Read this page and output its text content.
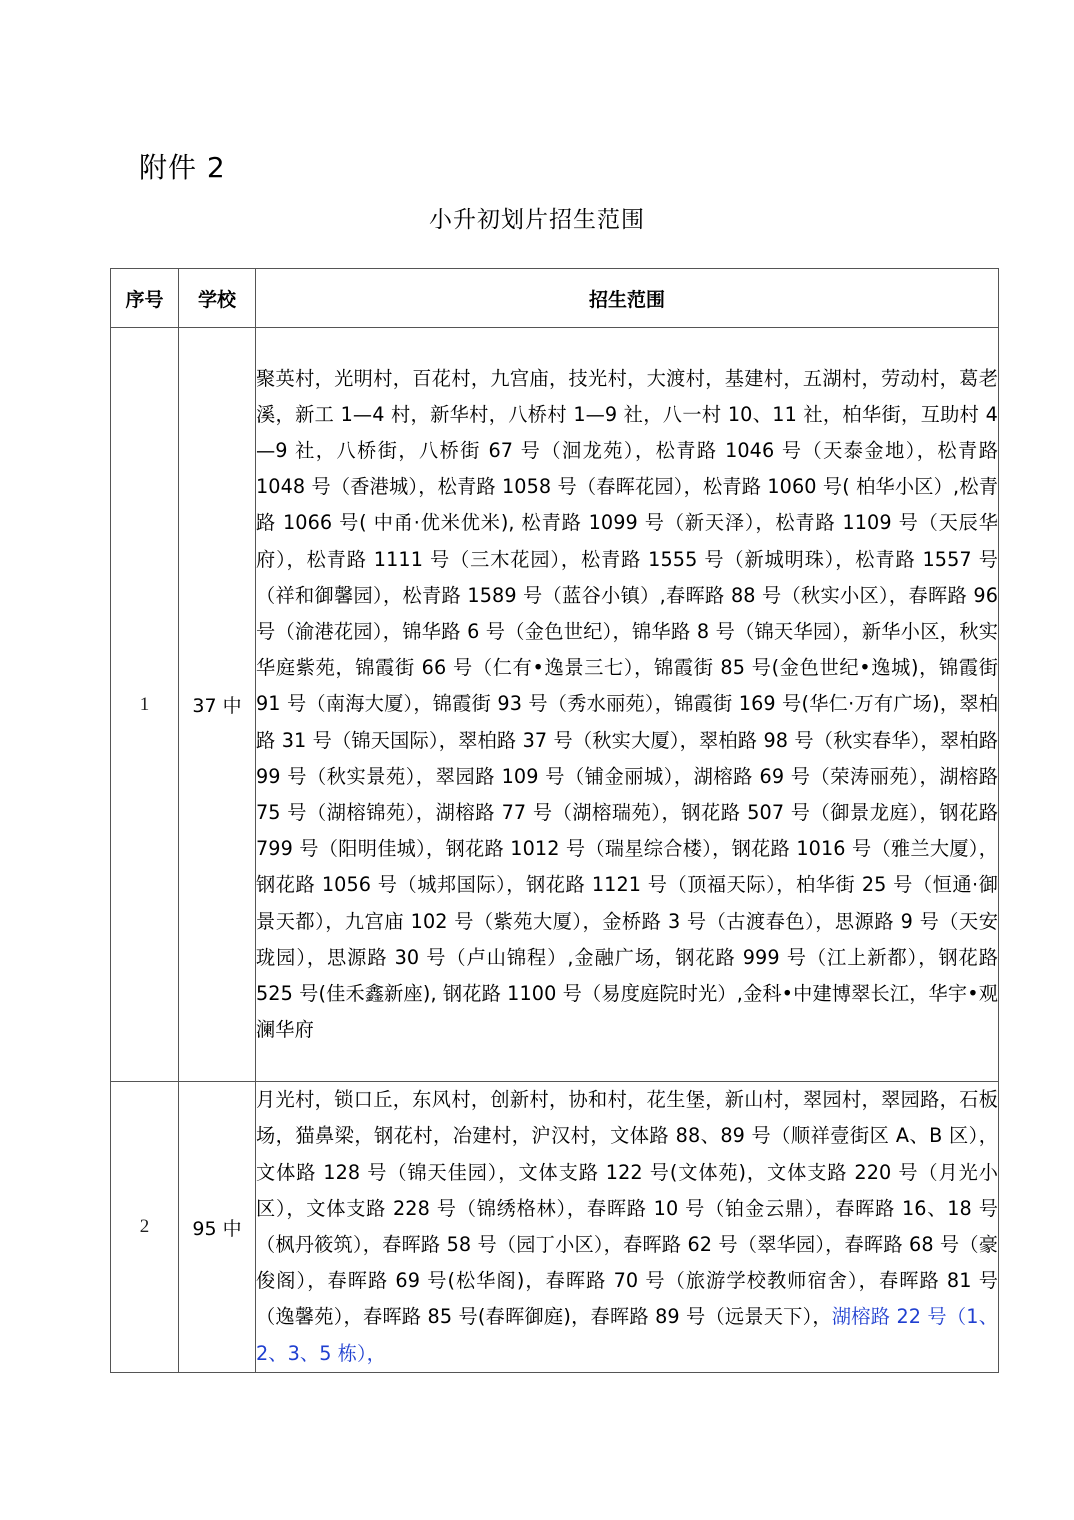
附件 2
小升初划片招生范围
序号	学校	招生范围
1	37 中	聚英村，光明村，百花村，九宫庙，技光村，大渡村，基建村，五湖村，劳动村，葛老溪，新工 1—4 村，新华村，八桥村 1—9 社，八一村 10、11 社，柏华街，互助村 4—9 社，八桥街，八桥街 67 号（洄龙苑），松青路 1046 号（天泰金地），松青路 1048 号（香港城），松青路 1058 号（春晖花园），松青路 1060 号( 柏华小区）,松青路 1066 号( 中甬·优米优米), 松青路 1099 号（新天泽），松青路 1109 号（天辰华府），松青路 1111 号（三木花园），松青路 1555 号（新城明珠），松青路 1557 号（祥和御馨园），松青路 1589 号（蓝谷小镇）,春晖路 88 号（秋实小区），春晖路 96 号（渝港花园），锦华路 6 号（金色世纪），锦华路 8 号（锦天华园），新华小区，秋实华庭紫苑，锦霞街 66 号（仁有•逸景三七），锦霞街 85 号(金色世纪•逸城)，锦霞街 91 号（南海大厦），锦霞街 93 号（秀水丽苑），锦霞街 169 号(华仁·万有广场)，翠柏路 31 号（锦天国际），翠柏路 37 号（秋实大厦），翠柏路 98 号（秋实春华），翠柏路 99 号（秋实景苑），翠园路 109 号（铺金丽城），湖榕路 69 号（荣涛丽苑），湖榕路 75 号（湖榕锦苑），湖榕路 77 号（湖榕瑞苑），钢花路 507 号（御景龙庭），钢花路 799 号（阳明佳城），钢花路 1012 号（瑞星综合楼），钢花路 1016 号（雅兰大厦），钢花路 1056 号（城邦国际），钢花路 1121 号（顶福天际），柏华街 25 号（恒通·御景天都），九宫庙 102 号（紫苑大厦），金桥路 3 号（古渡春色），思源路 9 号（天安珑园），思源路 30 号（卢山锦程）,金融广场，钢花路 999 号（江上新都），钢花路 525 号(佳禾鑫新座), 钢花路 1100 号（易度庭院时光）,金科•中建博翠长江，华宇•观澜华府

2	95 中	月光村，锁口丘，东风村，创新村，协和村，花生堡，新山村，翠园村，翠园路，石板场，猫鼻梁，钢花村，冶建村，沪汉村，文体路 88、89 号（顺祥壹街区 A、B 区），文体路 128 号（锦天佳园），文体支路 122 号(文体苑)，文体支路 220 号（月光小区），文体支路 228 号（锦绣格林），春晖路 10 号（铂金云鼎），春晖路 16、18 号（枫丹筱筑），春晖路 58 号（园丁小区），春晖路 62 号（翠华园），春晖路 68 号（豪俊阁），春晖路 69 号(松华阁)，春晖路 70 号（旅游学校教师宿舍），春晖路 81 号（逸馨苑），春晖路 85 号(春晖御庭)，春晖路 89 号（远景天下），湖榕路 22 号（1、2、3、5 栋），
